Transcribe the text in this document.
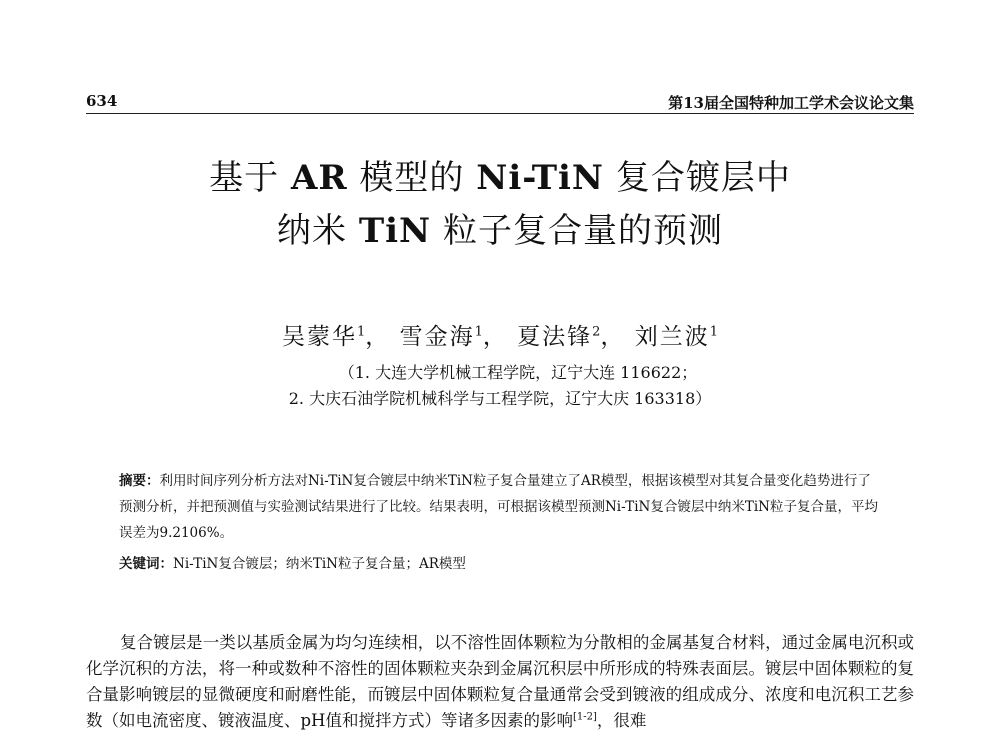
634	第13届全国特种加工学术会议论文集
基于 AR 模型的 Ni-TiN 复合镀层中
纳米 TiN 粒子复合量的预测
吴蒙华$^1$， 雪金海$^1$， 夏法锋$^2$， 刘兰波$^1$
（1. 大连大学机械工程学院，辽宁大连 116622；
2. 大庆石油学院机械科学与工程学院，辽宁大庆 163318）
摘要：利用时间序列分析方法对Ni-TiN复合镀层中纳米TiN粒子复合量建立了AR模型，根据该模型对其复合量变化趋势进行了预测分析，并把预测值与实验测试结果进行了比较。结果表明，可根据该模型预测Ni-TiN复合镀层中纳米TiN粒子复合量，平均误差为9.2106%。
关键词：Ni-TiN复合镀层；纳米TiN粒子复合量；AR模型
复合镀层是一类以基质金属为均匀连续相，以不溶性固体颗粒为分散相的金属基复合材料，通过金属电沉积或化学沉积的方法，将一种或数种不溶性的固体颗粒夹杂到金属沉积层中所形成的特殊表面层。镀层中固体颗粒的复合量影响镀层的显微硬度和耐磨性能，而镀层中固体颗粒复合量通常会受到镀液的组成成分、浓度和电沉积工艺参数（如电流密度、镀液温度、pH值和搅拌方式）等诸多因素的影响[1-2]，很难
